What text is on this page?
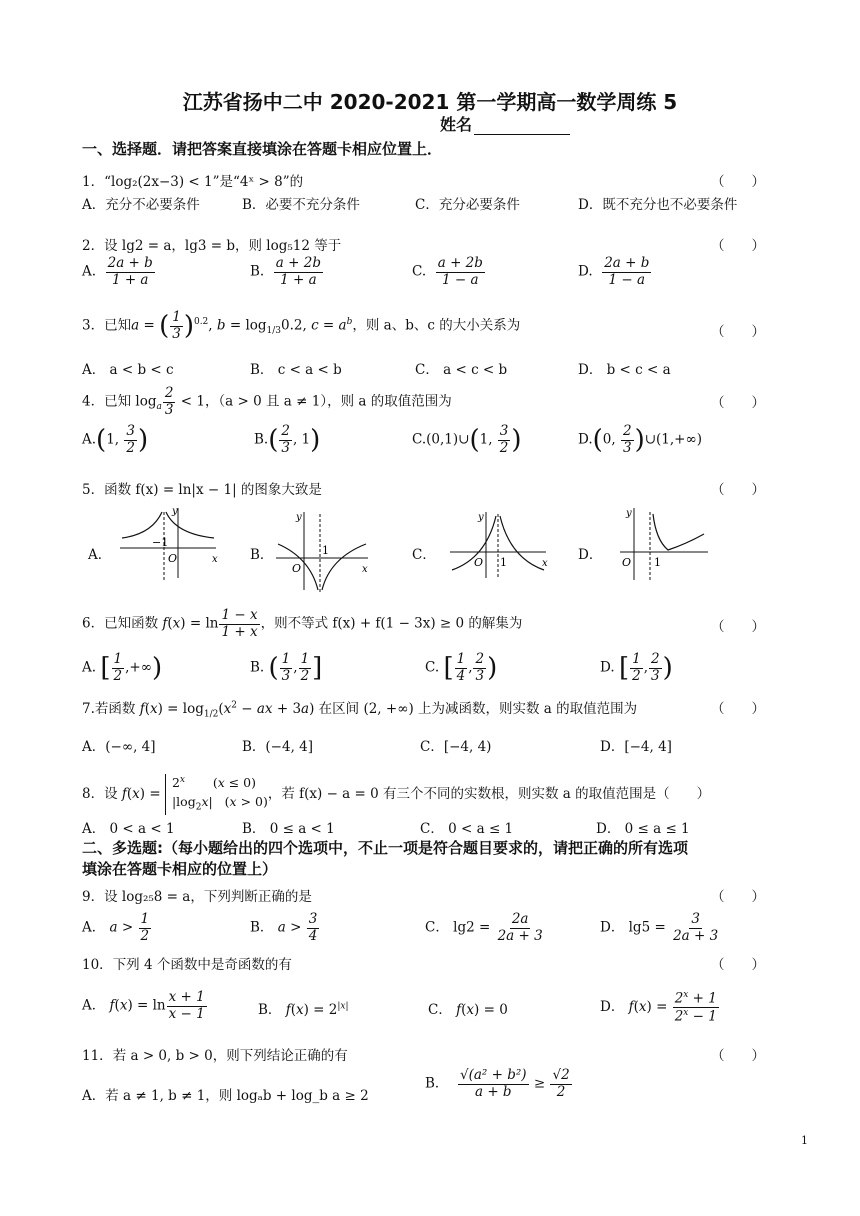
江苏省扬中二中 2020-2021 第一学期高一数学周练 5
姓名
一、选择题．请把答案直接填涂在答题卡相应位置上．
1．“log₂(2x−3) < 1”是“4ˣ > 8”的	（　　）
A．充分不必要条件	B．必要不充分条件	C．充分必要条件	D．既不充分也不必要条件
2．设 lg2 = a，lg3 = b，则 log₅12 等于	（　　）
A. $\frac{2a + b}{1 + a}$	B. $\frac{a + 2b}{1 + a}$	C. $\frac{a + 2b}{1 - a}$	D. $\frac{2a + b}{1 - a}$
3．已知a = ( $\frac{1}{3} )^{0.2}$, $b = \log_{1/3}0.2$, $c = a^b$，则 a、b、c 的大小关系为	（　　）
A． a < b < c	B． c < a < b	C． a < c < b	D． b < c < a
4．已知 $\log_a \frac{2}{3} < 1$，（a > 0 且 a ≠ 1），则 a 的取值范围为	（　　）
A.(1, $\frac{3}{2}$ )	$B.( \frac{2}{3}$ , 1)	C.(0,1)∪(1, $\frac{3}{2}$ )	D.(0, $\frac{2}{3}$ )∪(1,+∞)
5．函数 f(x) = ln|x − 1| 的图象大致是	（　　）
A．
−1
O	x
y
B．	1
O	x
y
C．	O 1	x
y
D． O 1
y
6．已知函数 $f(x) = \ln \frac{1 - x}{1 + x}$ ，则不等式 f(x) + f(1 − 3x) ≥ 0 的解集为	（　　）
A. [ $\frac{1}{2}$ ,+∞)	B. ( $\frac{1}{3}$ , $\frac{1}{2}$ ]	C. [ $\frac{1}{4}$ , $\frac{2}{3}$ )	D. [ $\frac{1}{2}$ , $\frac{2}{3}$ )
7.若函数 $f(x) = \log_{1/2}(x^2$ − ax + 3a) 在区间 (2, +∞) 上为减函数，则实数 a 的取值范围为	（　　）
A．(−∞, 4]	B．(−4, 4]	C．[−4, 4)	D．[−4, 4]
8．设 $f(x) = 2^x$       (x ≤ 0)
$|\log_2x|$   (x > 0)，若 f(x) − a = 0 有三个不同的实数根，则实数 a 的取值范围是（　　）
A． 0 < a < 1	B． 0 ≤ a < 1	C． 0 < a ≤ 1	D． 0 ≤ a ≤ 1
二、多选题:（每小题给出的四个选项中，不止一项是符合题目要求的，请把正确的所有选项
填涂在答题卡相应的位置上）
9．设 log₂₅8 = a，下列判断正确的是	（　　）
A． $a > \frac{1}{2}$	B． $a > \frac{3}{4}$	C． $\lg 2 = \frac{2a}{2a + 3}$	D． $\lg 5 = \frac{3}{2a + 3}$
10．下列 4 个函数中是奇函数的有	（　　）
A． $f(x) = \ln \frac{x + 1}{x - 1}$	B． $f(x) = 2^{|x|}$	C． f(x) = 0	D． $f(x) = \frac{2^x + 1}{2^x - 1}$
11．若 a > 0, b > 0，则下列结论正确的有	（　　）
A．若 a ≠ 1, b ≠ 1，则 logₐb + log_b a ≥ 2
B． $\frac{\text{√(a² + b²)}}{a + b} \ge \frac{√2}{2}$
1
